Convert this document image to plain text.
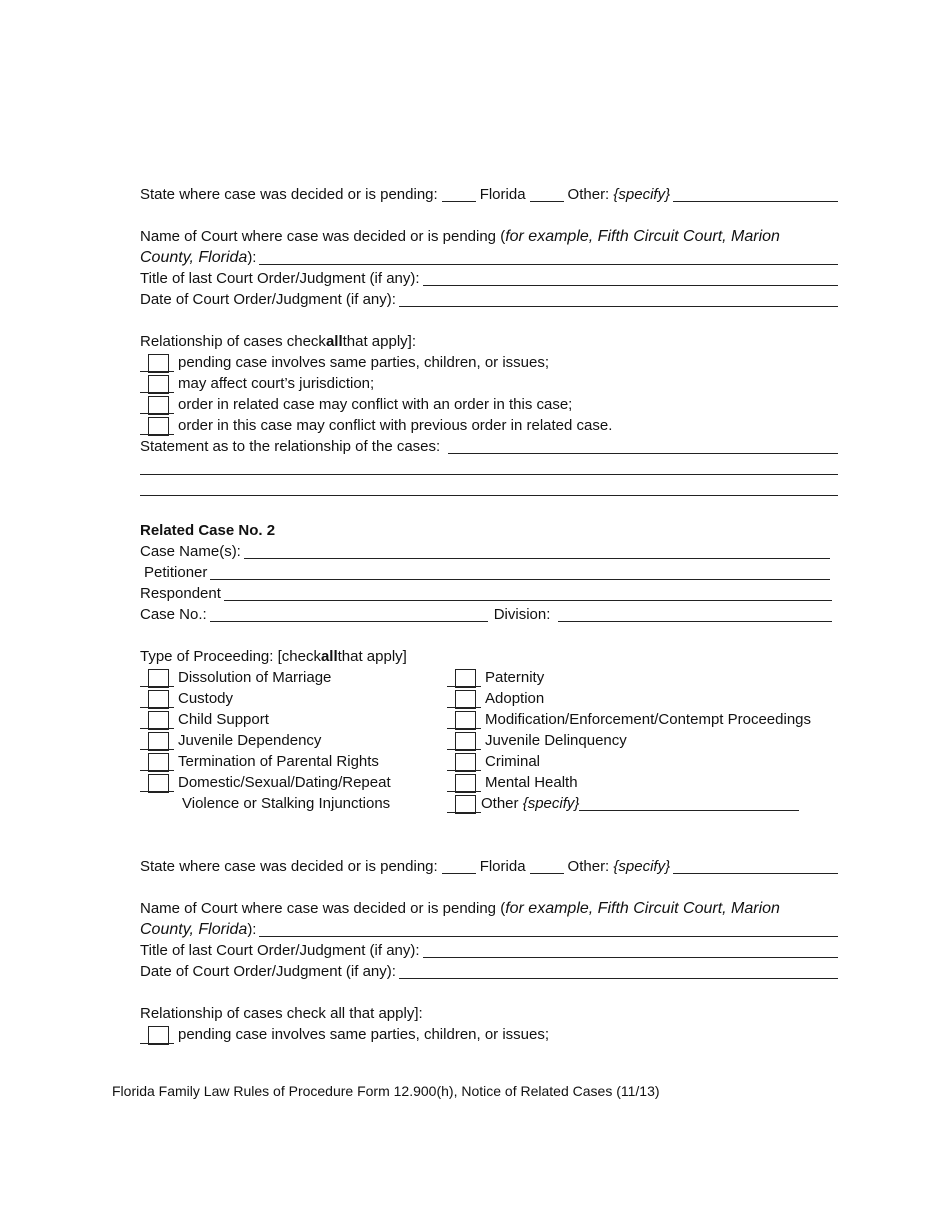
State where case was decided or is pending:	Florida	Other:
{specify}
Name of Court where case was decided or is pending ( for example, Fifth Circuit Court, Marion
County, Florida ):
Title of last Court Order/Judgment (if any):
Date of Court Order/Judgment (if any):
Relationship of cases check all that apply]:
pending case involves same parties, children, or issues;
may affect court’s jurisdiction;
order in related case may conflict with an order in this case;
order in this case may conflict with previous order in related case.
Statement as to the relationship of the cases:
Related Case No. 2
Case Name(s):
Petitioner
Respondent
Case No.:	Division:
Type of Proceeding: [check all that apply]
Dissolution of Marriage
Custody
Child Support
Juvenile Dependency
Termination of Parental Rights
Domestic/Sexual/Dating/Repeat
Violence or Stalking Injunctions
Paternity
Adoption
Modification/Enforcement/Contempt Proceedings
Juvenile Delinquency
Criminal
Mental Health
Other
{specify}
State where case was decided or is pending:	Florida	Other:
{specify}
Name of Court where case was decided or is pending ( for example, Fifth Circuit Court, Marion
County, Florida ):
Title of last Court Order/Judgment (if any):
Date of Court Order/Judgment (if any):
Relationship of cases check all that apply]:
pending case involves same parties, children, or issues;
Florida Family Law Rules of Procedure Form 12.900(h), Notice of Related Cases (11/13)
